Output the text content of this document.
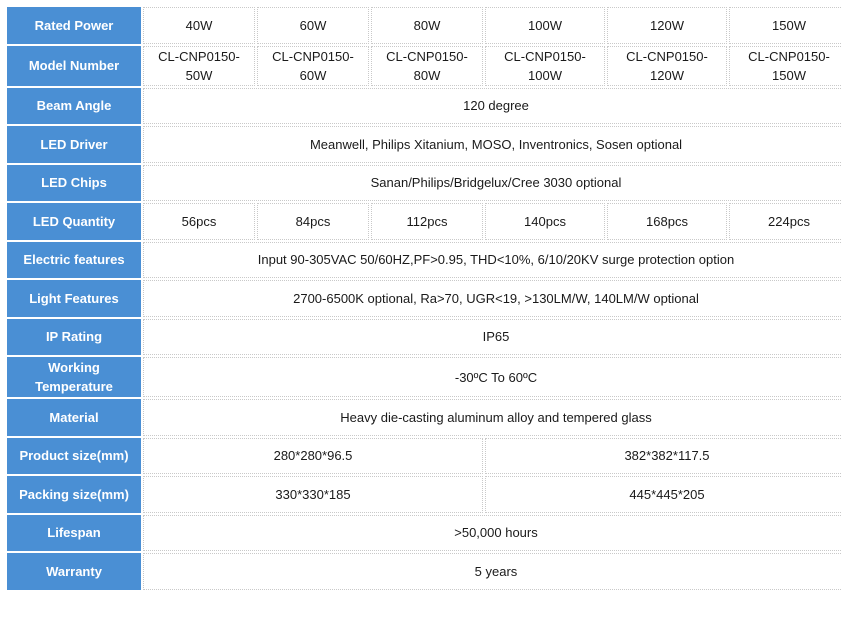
Rated Power	40W	60W	80W	100W	120W	150W
Model Number	CL-CNP0150-50W	CL-CNP0150-60W	CL-CNP0150-80W	CL-CNP0150-100W	CL-CNP0150-120W	CL-CNP0150-150W
Beam Angle	120 degree					
LED Driver	Meanwell, Philips Xitanium, MOSO, Inventronics, Sosen optional					
LED Chips	Sanan/Philips/Bridgelux/Cree 3030 optional					
LED Quantity	56pcs	84pcs	112pcs	140pcs	168pcs	224pcs
Electric features	Input 90-305VAC 50/60HZ,PF>0.95, THD<10%, 6/10/20KV surge protection option					
Light Features	2700-6500K optional, Ra>70, UGR<19, >130LM/W, 140LM/W optional					
IP Rating	IP65					
Working Temperature	-30ºC To 60ºC					
Material	Heavy die-casting aluminum alloy and tempered glass					
Product size(mm)	280*280*96.5			382*382*117.5		
Packing size(mm)	330*330*185			445*445*205		
Lifespan	>50,000 hours					
Warranty	5 years					
